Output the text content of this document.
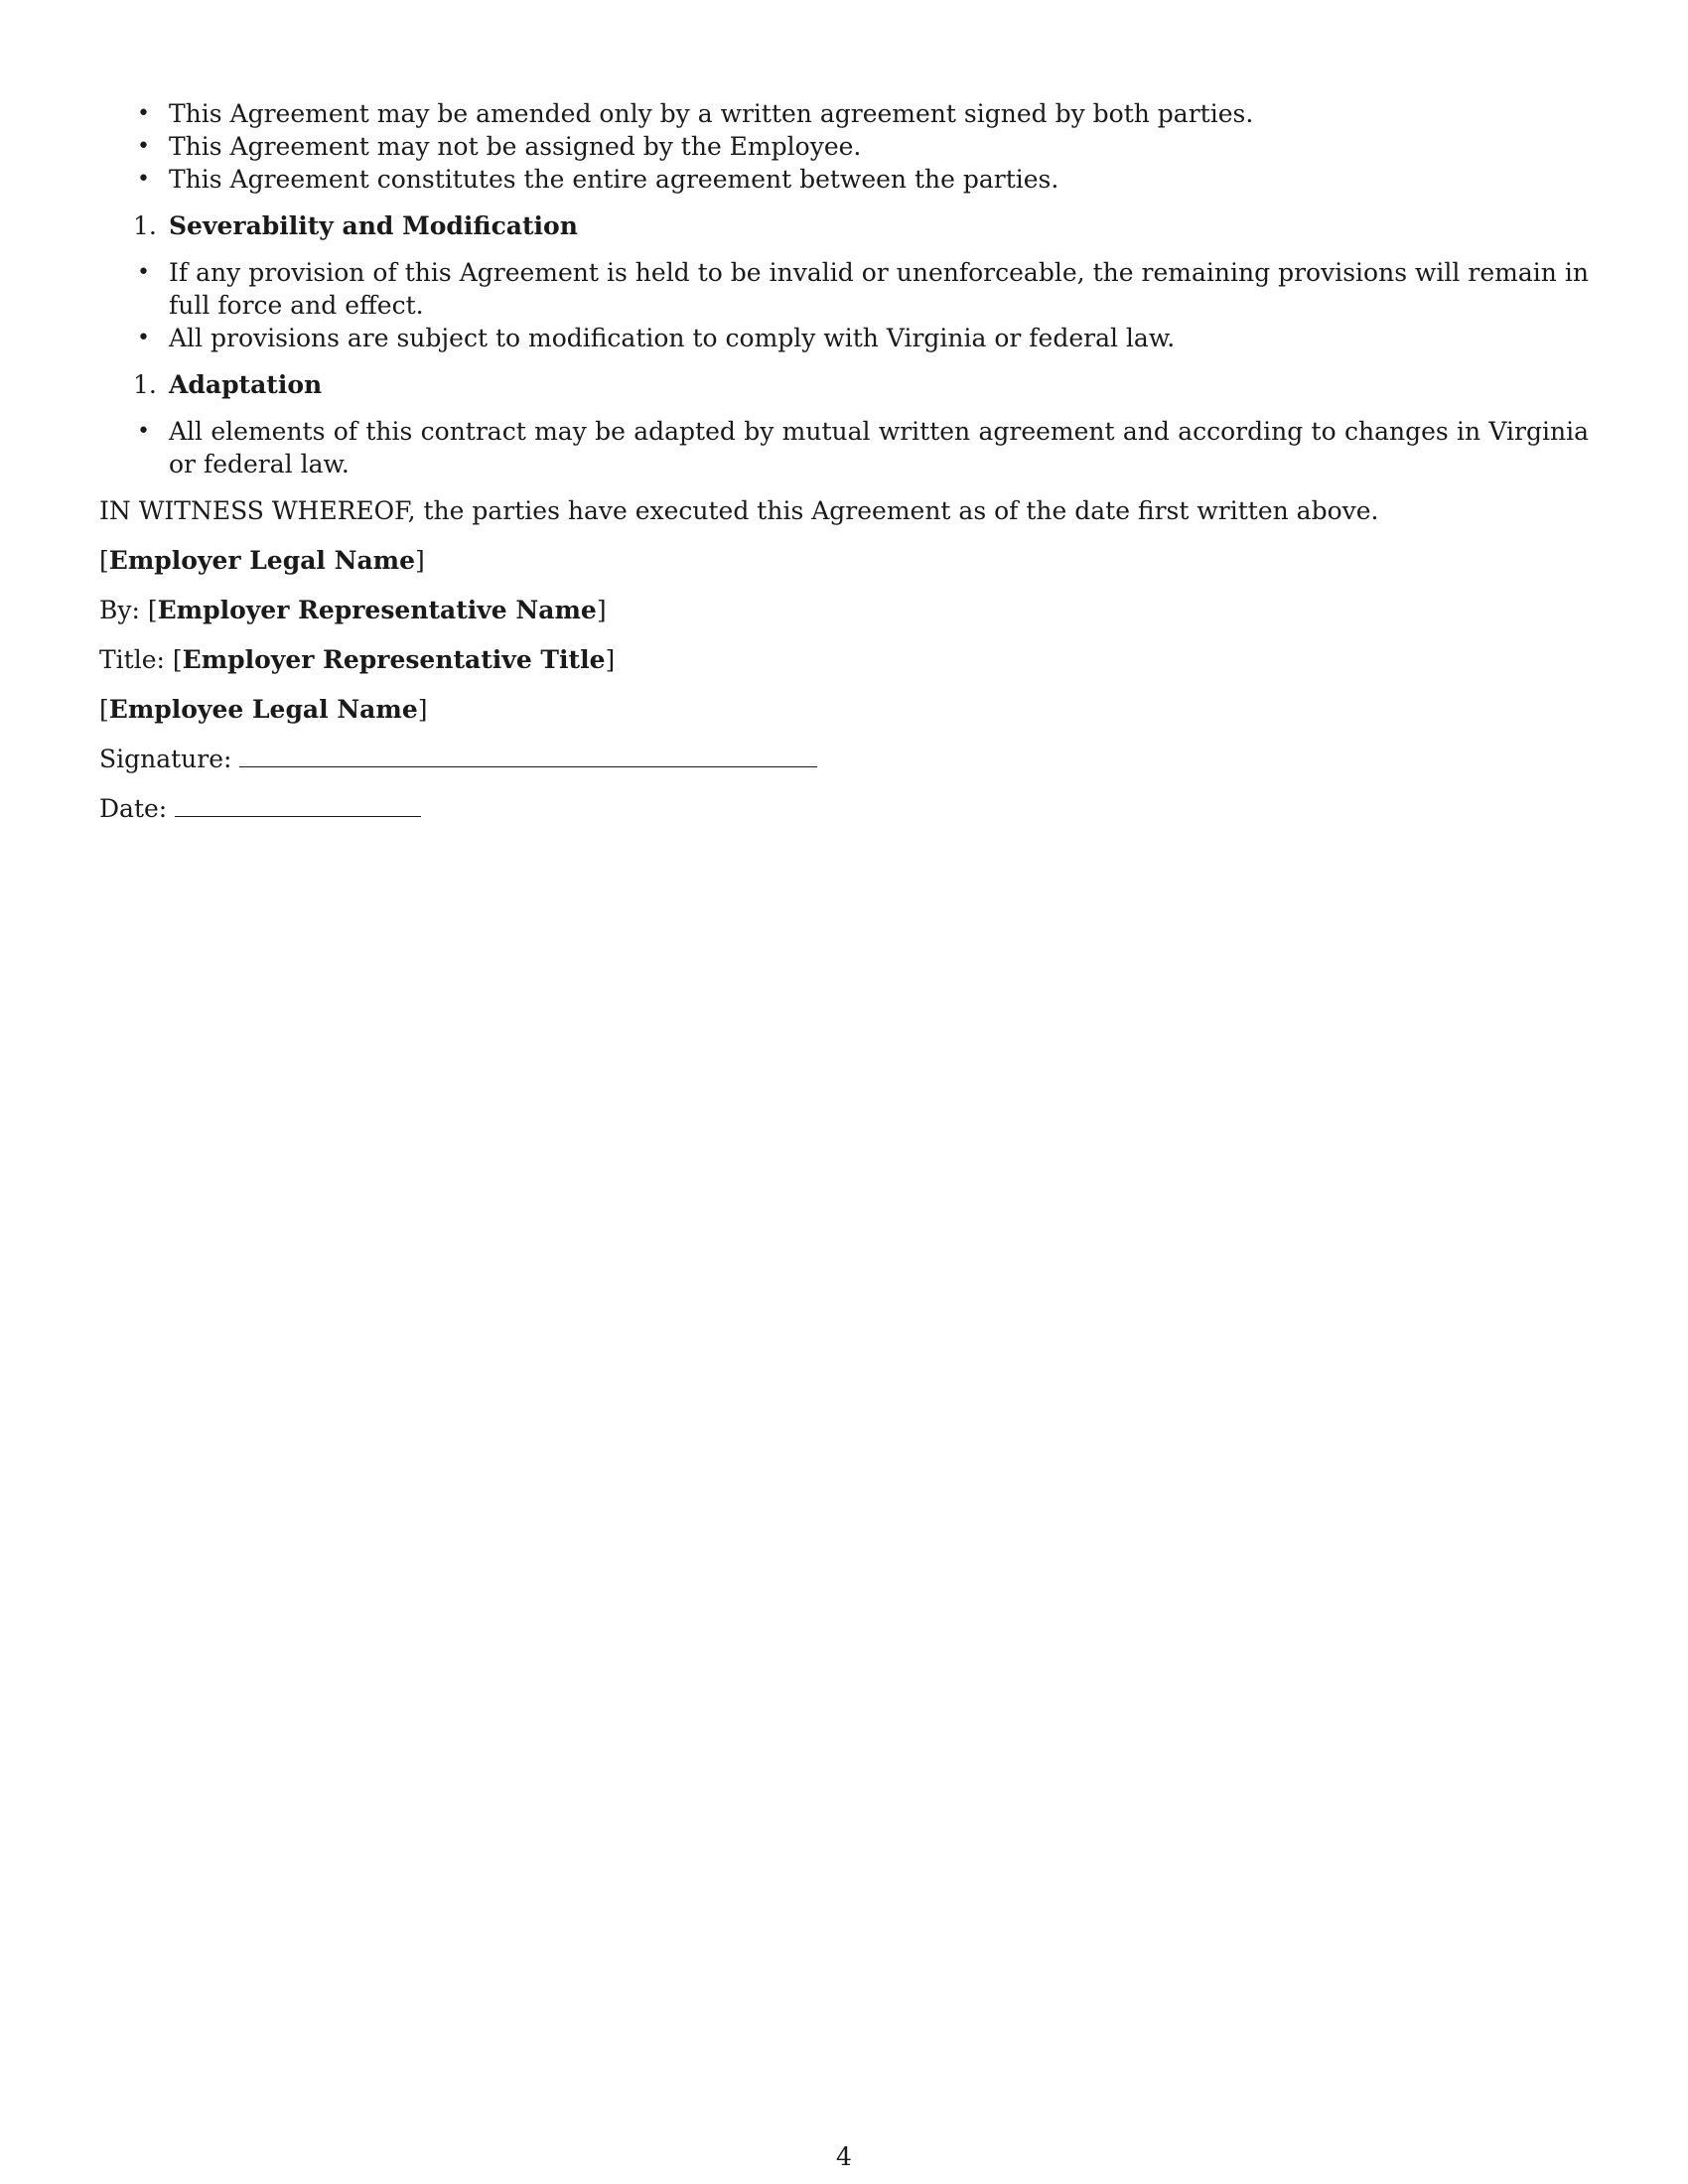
• This Agreement may be amended only by a written agreement signed by both parties.
• This Agreement may not be assigned by the Employee.
• This Agreement constitutes the entire agreement between the parties.
1. Severability and Modification
• If any provision of this Agreement is held to be invalid or unenforceable, the remaining provisions will remain in full force and effect.
• All provisions are subject to modification to comply with Virginia or federal law.
1. Adaptation
• All elements of this contract may be adapted by mutual written agreement and according to changes in Virginia or federal law.

IN WITNESS WHEREOF, the parties have executed this Agreement as of the date first written above.

[Employer Legal Name]
By: [Employer Representative Name]
Title: [Employer Representative Title]
[Employee Legal Name]
Signature:
Date:
4
